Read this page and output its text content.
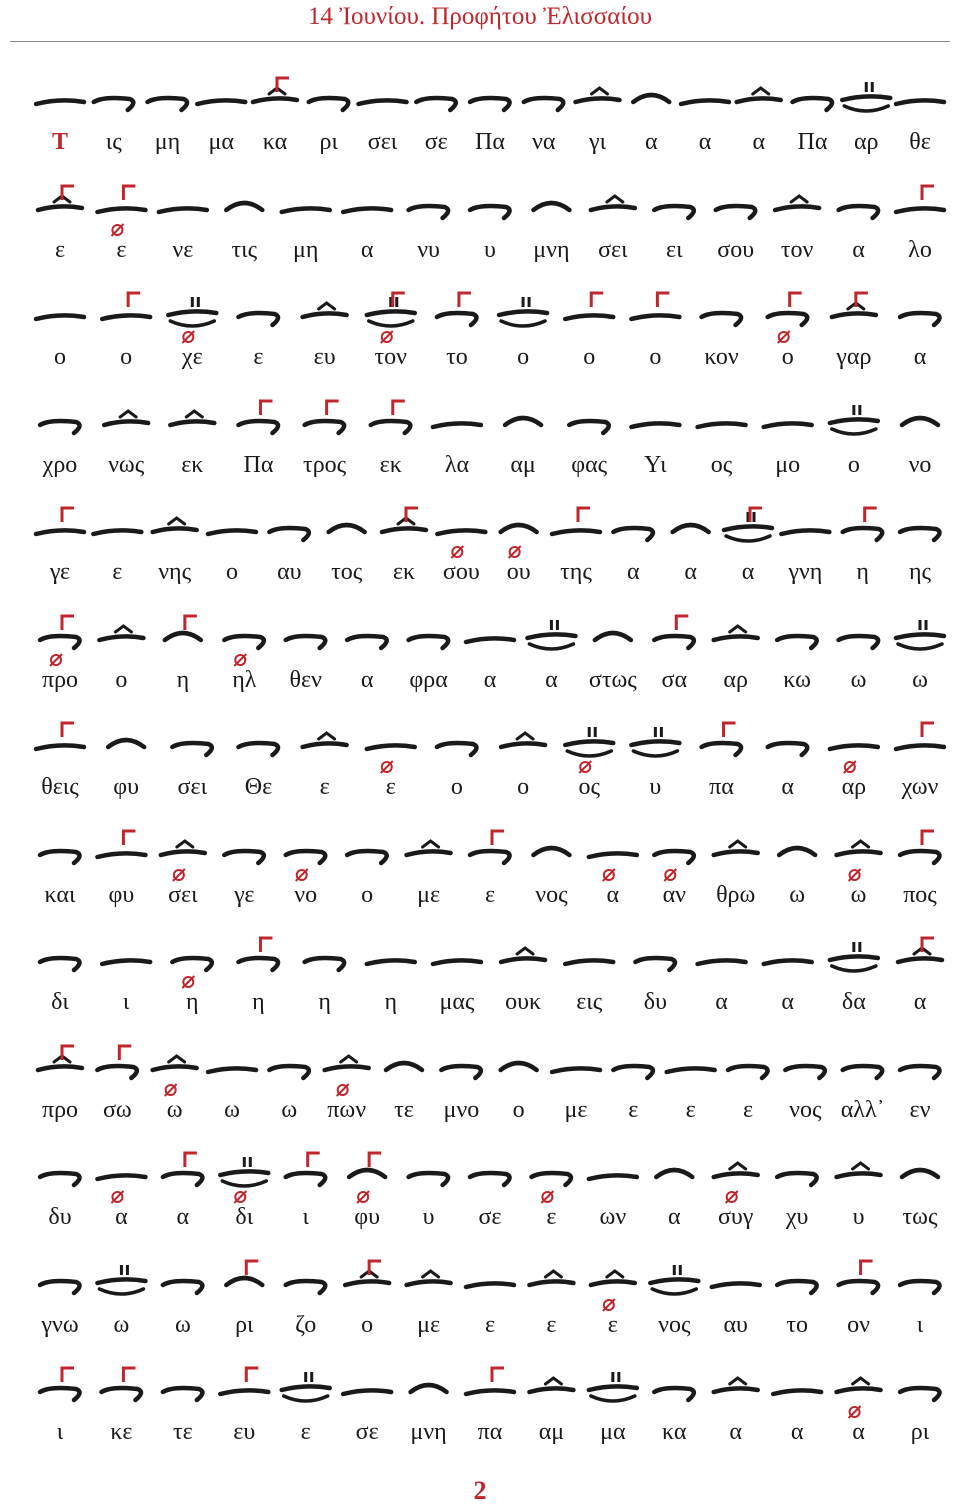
14 Ἰουνίου. Προφήτου Ἐλισσαίου
Τ ις μη μα κα ρι σει σε Πα να γι α α α Πα αρ θε
ε ε νε τις μη α νυ υ μνη σει ει σου τον α λο
ο ο χε ε ευ τον το ο ο ο κον ο γαρ α
χρο νως εκ Πα τρος εκ λα αμ φας Υι ος μο ο νο
γε ε νης ο αυ τος εκ σου ου της α α α γνη η ης
προ ο η ηλ θεν α φρα α α στως σα αρ κω ω ω
θεις φυ σει Θε ε ε ο ο ος υ πα α αρ χων
και φυ σει γε νο ο με ε νος α αν θρω ω ω πος
δι ι η η η η μας ουκ εις δυ α α δα α
προ σω ω ω ω πων τε μνο ο με ε ε ε νος αλλ᾽ εν
δυ α α δι ι φυ υ σε ε ων α συγ χυ υ τως
γνω ω ω ρι ζο ο με ε ε ε νος αυ το ον ι
ι κε τε ευ ε σε μνη πα αμ μα κα α α α ρι
2
